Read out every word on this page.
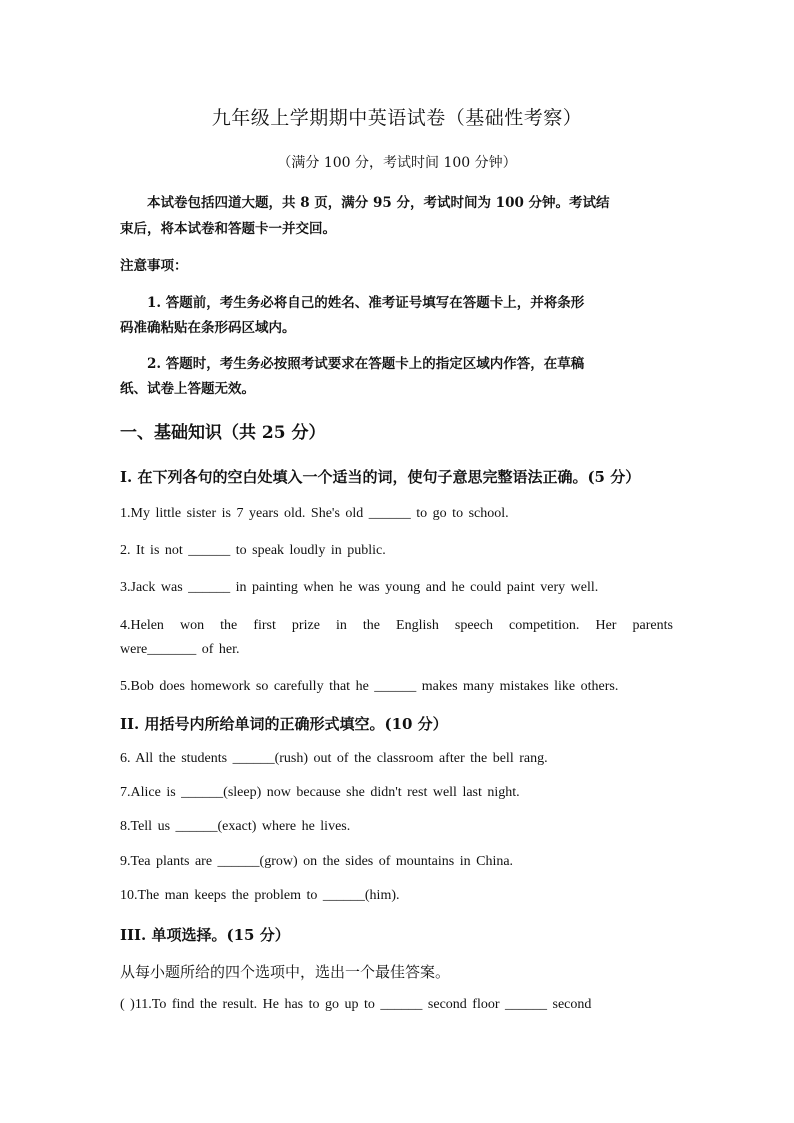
九年级上学期期中英语试卷（基础性考察）
（满分 100 分，考试时间 100 分钟）
本试卷包括四道大题，共 8 页，满分 95 分，考试时间为 100 分钟。考试结
束后，将本试卷和答题卡一并交回。
注意事项：
1. 答题前，考生务必将自己的姓名、准考证号填写在答题卡上，并将条形
码准确粘贴在条形码区域内。
2. 答题时，考生务必按照考试要求在答题卡上的指定区域内作答，在草稿
纸、试卷上答题无效。
一、基础知识（共 25 分）
I. 在下列各句的空白处填入一个适当的词，使句子意思完整语法正确。(5 分）
1.My little sister is 7 years old. She's old ______ to go to school.
2. It is not ______ to speak loudly in public.
3.Jack was ______ in painting when he was young and he could paint very well.
4.Helen won the first prize in the English speech competition. Her parents
were_______ of her.
5.Bob does homework so carefully that he ______ makes many mistakes like others.
II. 用括号内所给单词的正确形式填空。(10 分）
6. All the students ______(rush) out of the classroom after the bell rang.
7.Alice is ______(sleep) now because she didn't rest well last night.
8.Tell us ______(exact) where he lives.
9.Tea plants are ______(grow) on the sides of mountains in China.
10.The man keeps the problem to ______(him).
III. 单项选择。(15 分）
从每小题所给的四个选项中，选出一个最佳答案。
( )11.To find the result. He has to go up to ______ second floor ______ second
